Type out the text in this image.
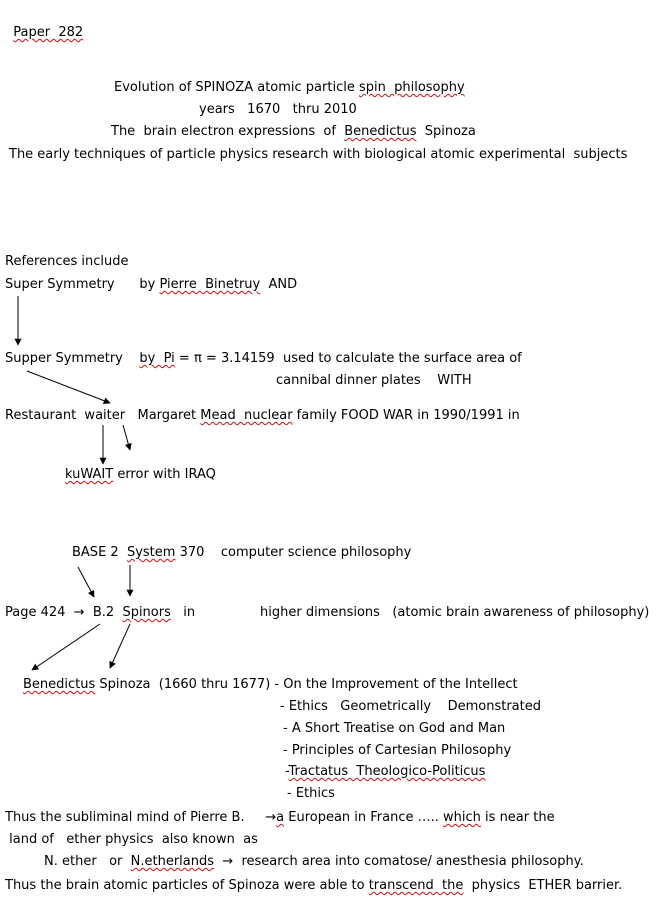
Paper  282

Evolution of SPINOZA atomic particle spin  philosophy
years   1670   thru 2010
The  brain electron expressions  of  Benedictus  Spinoza
The early techniques of particle physics research with biological atomic experimental  subjects
References include
Super Symmetry      by Pierre  Binetruy  AND
Supper Symmetry    by  Pi = π = 3.14159  used to calculate the surface area of
cannibal dinner plates    WITH
Restaurant  waiter   Margaret Mead  nuclear family FOOD WAR in 1990/1991 in
kuWAIT error with IRAQ
BASE 2  System 370    computer science philosophy
Page 424  →  B.2  Spinors   in	higher dimensions   (atomic brain awareness of philosophy)
Benedictus Spinoza  (1660 thru 1677) - On the Improvement of the Intellect
- Ethics   Geometrically    Demonstrated
- A Short Treatise on God and Man
- Principles of Cartesian Philosophy
-Tractatus  Theologico-Politicus
- Ethics
Thus the subliminal mind of Pierre B.     →a European in France ….. which is near the
land of   ether physics  also known  as
N. ether   or  N.etherlands  →  research area into comatose/ anesthesia philosophy.
Thus the brain atomic particles of Spinoza were able to transcend  the  physics  ETHER barrier.
